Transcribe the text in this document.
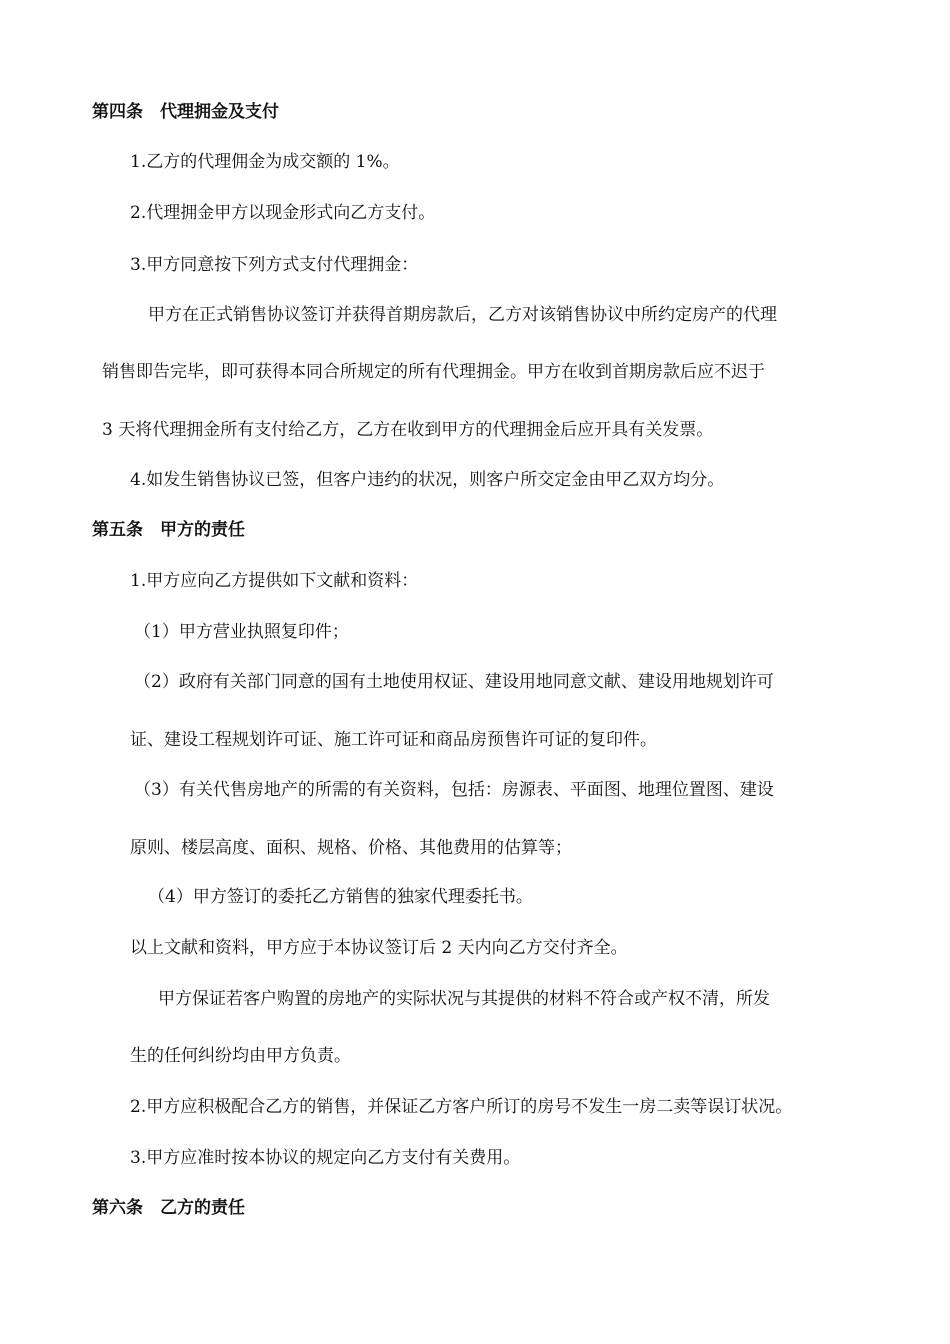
第四条　代理拥金及支付
1.乙方的代理佣金为成交额的 1%。
2.代理拥金甲方以现金形式向乙方支付。
3.甲方同意按下列方式支付代理拥金：
甲方在正式销售协议签订并获得首期房款后，乙方对该销售协议中所约定房产的代理
销售即告完毕，即可获得本同合所规定的所有代理拥金。甲方在收到首期房款后应不迟于
3 天将代理拥金所有支付给乙方，乙方在收到甲方的代理拥金后应开具有关发票。
4.如发生销售协议已签，但客户违约的状况，则客户所交定金由甲乙双方均分。
第五条　甲方的责任
1.甲方应向乙方提供如下文献和资料：
（1）甲方营业执照复印件；
（2）政府有关部门同意的国有土地使用权证、建设用地同意文献、建设用地规划许可
证、建设工程规划许可证、施工许可证和商品房预售许可证的复印件。
（3）有关代售房地产的所需的有关资料，包括：房源表、平面图、地理位置图、建设
原则、楼层高度、面积、规格、价格、其他费用的估算等；
（4）甲方签订的委托乙方销售的独家代理委托书。
以上文献和资料，甲方应于本协议签订后 2 天内向乙方交付齐全。
甲方保证若客户购置的房地产的实际状况与其提供的材料不符合或产权不清，所发
生的任何纠纷均由甲方负责。
2.甲方应积极配合乙方的销售，并保证乙方客户所订的房号不发生一房二卖等误订状况。
3.甲方应准时按本协议的规定向乙方支付有关费用。
第六条　乙方的责任
